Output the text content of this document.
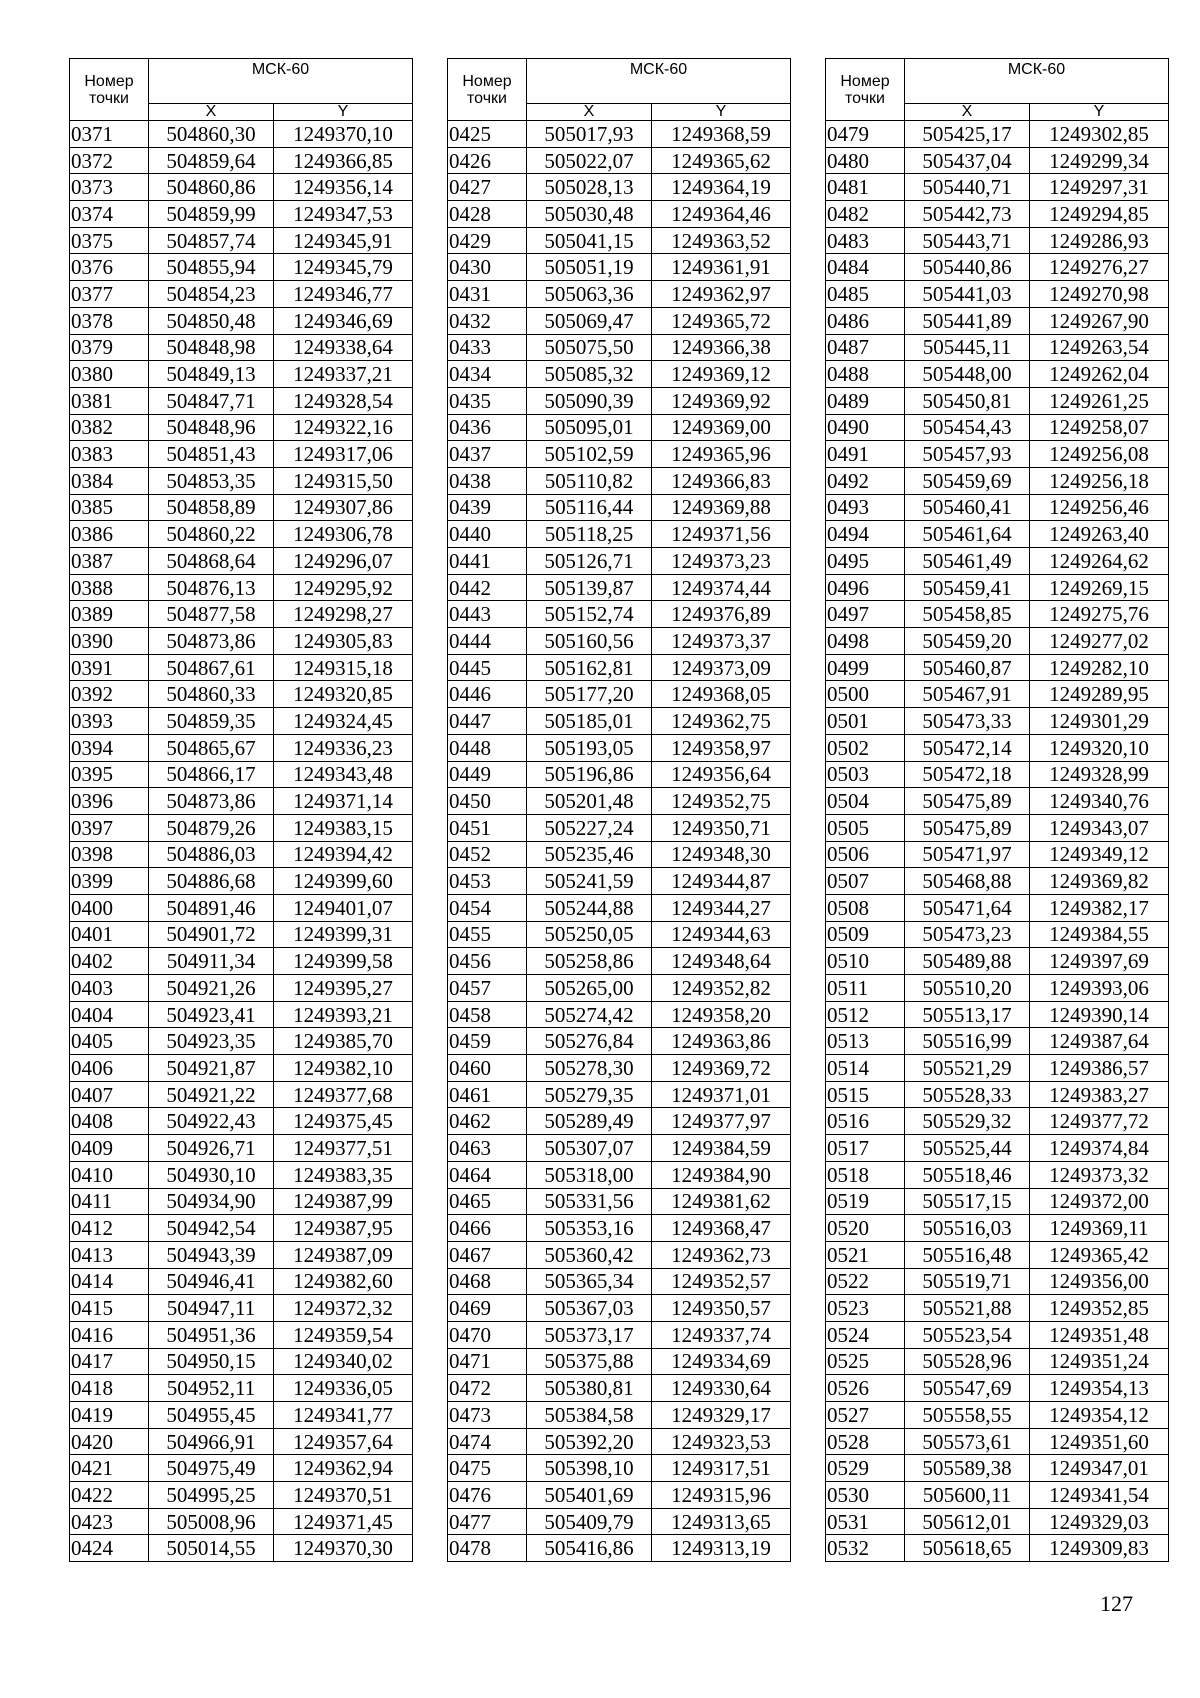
Номер
точки	МСК-60	
	X	Y
0371	504860,30	1249370,10
0372	504859,64	1249366,85
0373	504860,86	1249356,14
0374	504859,99	1249347,53
0375	504857,74	1249345,91
0376	504855,94	1249345,79
0377	504854,23	1249346,77
0378	504850,48	1249346,69
0379	504848,98	1249338,64
0380	504849,13	1249337,21
0381	504847,71	1249328,54
0382	504848,96	1249322,16
0383	504851,43	1249317,06
0384	504853,35	1249315,50
0385	504858,89	1249307,86
0386	504860,22	1249306,78
0387	504868,64	1249296,07
0388	504876,13	1249295,92
0389	504877,58	1249298,27
0390	504873,86	1249305,83
0391	504867,61	1249315,18
0392	504860,33	1249320,85
0393	504859,35	1249324,45
0394	504865,67	1249336,23
0395	504866,17	1249343,48
0396	504873,86	1249371,14
0397	504879,26	1249383,15
0398	504886,03	1249394,42
0399	504886,68	1249399,60
0400	504891,46	1249401,07
0401	504901,72	1249399,31
0402	504911,34	1249399,58
0403	504921,26	1249395,27
0404	504923,41	1249393,21
0405	504923,35	1249385,70
0406	504921,87	1249382,10
0407	504921,22	1249377,68
0408	504922,43	1249375,45
0409	504926,71	1249377,51
0410	504930,10	1249383,35
0411	504934,90	1249387,99
0412	504942,54	1249387,95
0413	504943,39	1249387,09
0414	504946,41	1249382,60
0415	504947,11	1249372,32
0416	504951,36	1249359,54
0417	504950,15	1249340,02
0418	504952,11	1249336,05
0419	504955,45	1249341,77
0420	504966,91	1249357,64
0421	504975,49	1249362,94
0422	504995,25	1249370,51
0423	505008,96	1249371,45
0424	505014,55	1249370,30
Номер
точки	МСК-60	
	X	Y
0425	505017,93	1249368,59
0426	505022,07	1249365,62
0427	505028,13	1249364,19
0428	505030,48	1249364,46
0429	505041,15	1249363,52
0430	505051,19	1249361,91
0431	505063,36	1249362,97
0432	505069,47	1249365,72
0433	505075,50	1249366,38
0434	505085,32	1249369,12
0435	505090,39	1249369,92
0436	505095,01	1249369,00
0437	505102,59	1249365,96
0438	505110,82	1249366,83
0439	505116,44	1249369,88
0440	505118,25	1249371,56
0441	505126,71	1249373,23
0442	505139,87	1249374,44
0443	505152,74	1249376,89
0444	505160,56	1249373,37
0445	505162,81	1249373,09
0446	505177,20	1249368,05
0447	505185,01	1249362,75
0448	505193,05	1249358,97
0449	505196,86	1249356,64
0450	505201,48	1249352,75
0451	505227,24	1249350,71
0452	505235,46	1249348,30
0453	505241,59	1249344,87
0454	505244,88	1249344,27
0455	505250,05	1249344,63
0456	505258,86	1249348,64
0457	505265,00	1249352,82
0458	505274,42	1249358,20
0459	505276,84	1249363,86
0460	505278,30	1249369,72
0461	505279,35	1249371,01
0462	505289,49	1249377,97
0463	505307,07	1249384,59
0464	505318,00	1249384,90
0465	505331,56	1249381,62
0466	505353,16	1249368,47
0467	505360,42	1249362,73
0468	505365,34	1249352,57
0469	505367,03	1249350,57
0470	505373,17	1249337,74
0471	505375,88	1249334,69
0472	505380,81	1249330,64
0473	505384,58	1249329,17
0474	505392,20	1249323,53
0475	505398,10	1249317,51
0476	505401,69	1249315,96
0477	505409,79	1249313,65
0478	505416,86	1249313,19
Номер
точки	МСК-60	
	X	Y
0479	505425,17	1249302,85
0480	505437,04	1249299,34
0481	505440,71	1249297,31
0482	505442,73	1249294,85
0483	505443,71	1249286,93
0484	505440,86	1249276,27
0485	505441,03	1249270,98
0486	505441,89	1249267,90
0487	505445,11	1249263,54
0488	505448,00	1249262,04
0489	505450,81	1249261,25
0490	505454,43	1249258,07
0491	505457,93	1249256,08
0492	505459,69	1249256,18
0493	505460,41	1249256,46
0494	505461,64	1249263,40
0495	505461,49	1249264,62
0496	505459,41	1249269,15
0497	505458,85	1249275,76
0498	505459,20	1249277,02
0499	505460,87	1249282,10
0500	505467,91	1249289,95
0501	505473,33	1249301,29
0502	505472,14	1249320,10
0503	505472,18	1249328,99
0504	505475,89	1249340,76
0505	505475,89	1249343,07
0506	505471,97	1249349,12
0507	505468,88	1249369,82
0508	505471,64	1249382,17
0509	505473,23	1249384,55
0510	505489,88	1249397,69
0511	505510,20	1249393,06
0512	505513,17	1249390,14
0513	505516,99	1249387,64
0514	505521,29	1249386,57
0515	505528,33	1249383,27
0516	505529,32	1249377,72
0517	505525,44	1249374,84
0518	505518,46	1249373,32
0519	505517,15	1249372,00
0520	505516,03	1249369,11
0521	505516,48	1249365,42
0522	505519,71	1249356,00
0523	505521,88	1249352,85
0524	505523,54	1249351,48
0525	505528,96	1249351,24
0526	505547,69	1249354,13
0527	505558,55	1249354,12
0528	505573,61	1249351,60
0529	505589,38	1249347,01
0530	505600,11	1249341,54
0531	505612,01	1249329,03
0532	505618,65	1249309,83
127
